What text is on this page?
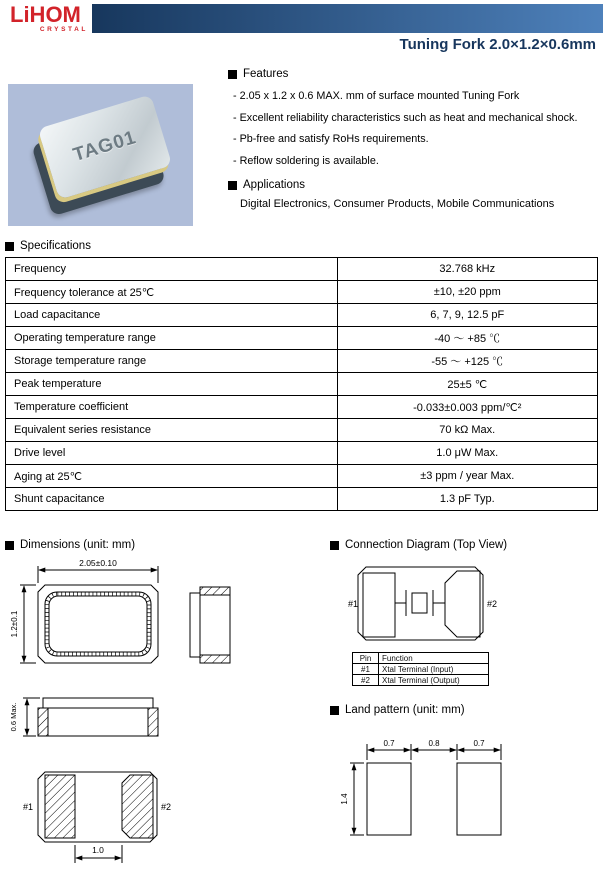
LiHOM
CRYSTAL
Tuning Fork 2.0×1.2×0.6mm
TAG01
Features
- 2.05 x 1.2 x 0.6 MAX. mm of surface mounted Tuning Fork
- Excellent reliability characteristics such as heat and mechanical shock.
- Pb-free and satisfy RoHs requirements.
- Reflow soldering is available.
Applications
Digital Electronics, Consumer Products, Mobile Communications
Specifications
Frequency	32.768 kHz
Frequency tolerance at 25℃	±10, ±20 ppm
Load capacitance	6, 7, 9, 12.5 pF
Operating temperature range	-40 ～ +85 ℃
Storage temperature range	-55 ～ +125 ℃
Peak temperature	25±5 ℃
Temperature coefficient	-0.033±0.003 ppm/℃²
Equivalent series resistance	70 kΩ Max.
Drive level	1.0 μW Max.
Aging at 25℃	±3 ppm / year Max.
Shunt capacitance	1.3 pF Typ.
Dimensions (unit: mm)	Connection Diagram (Top View)
Land pattern (unit: mm)
2.05±0.10
1.2±0.1
0.6 Max.
#1	#2
1.0
#1	#2
Pin	Function
#1	Xtal Terminal (Input)
#2	Xtal Terminal (Output)
0.7	0.8	0.7
1.4
